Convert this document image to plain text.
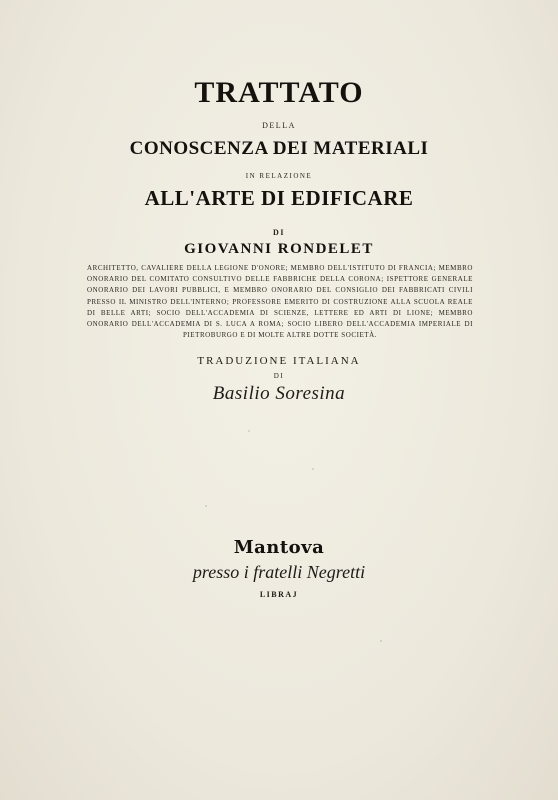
TRATTATO
DELLA
CONOSCENZA DEI MATERIALI
IN RELAZIONE
ALL'ARTE DI EDIFICARE
DI
GIOVANNI RONDELET
ARCHITETTO, CAVALIERE DELLA LEGIONE D'ONORE; MEMBRO DELL'ISTITUTO DI FRANCIA; MEMBRO ONORARIO DEL COMITATO CONSULTIVO DELLE FABBRICHE DELLA CORONA; ISPETTORE GENERALE ONORARIO DEI LAVORI PUBBLICI, E MEMBRO ONORARIO DEL CONSIGLIO DEI FABBRICATI CIVILI PRESSO IL MINISTRO DELL'INTERNO; PROFESSORE EMERITO DI COSTRUZIONE ALLA SCUOLA REALE DI BELLE ARTI; SOCIO DELL'ACCADEMIA DI SCIENZE, LETTERE ED ARTI DI LIONE; MEMBRO ONORARIO DELL'ACCADEMIA DI S. LUCA A ROMA; SOCIO LIBERO DELL'ACCADEMIA IMPERIALE DI PIETROBURGO E DI MOLTE ALTRE DOTTE SOCIETÀ.
TRADUZIONE ITALIANA
DI
Basilio Soresina
Mantova
presso i fratelli Negretti
LIBRAJ
